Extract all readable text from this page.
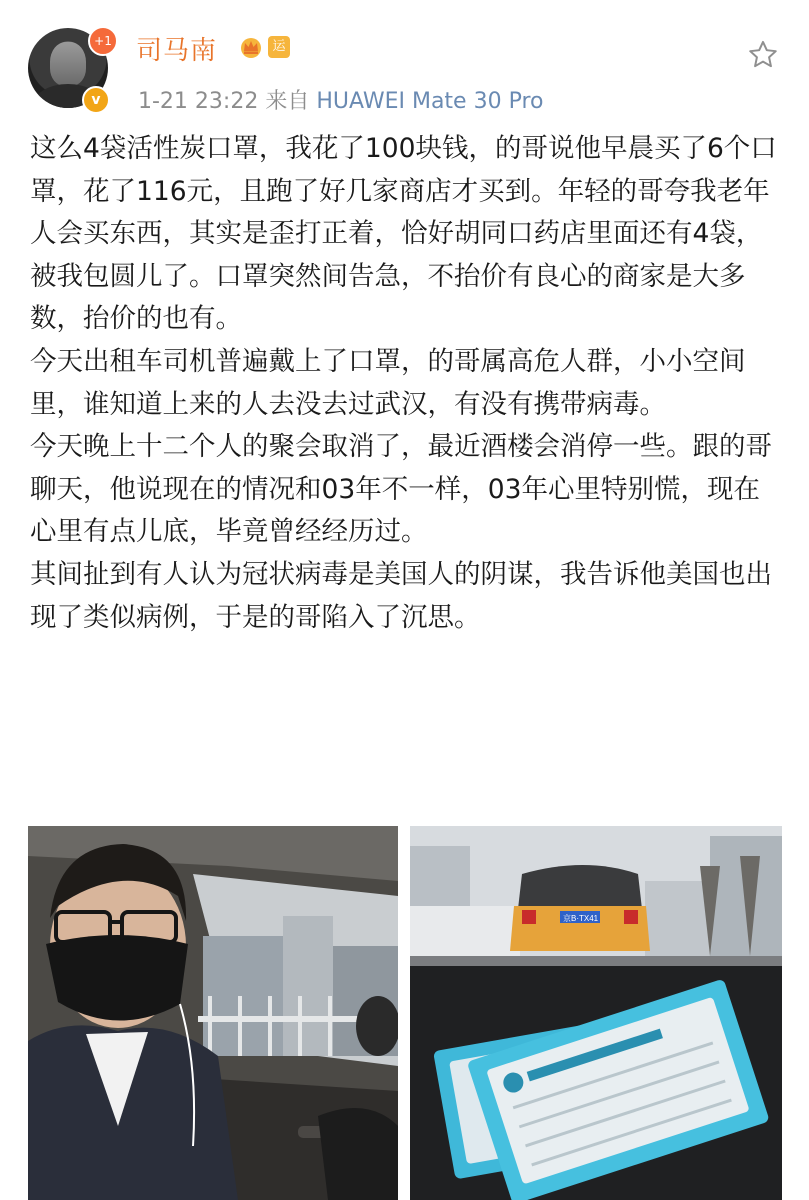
+1
v
司马南	运
1-21 23:22 来自 HUAWEI Mate 30 Pro

这么4袋活性炭口罩，我花了100块钱，的哥说他早晨买了6个口罩，花了116元，且跑了好几家商店才买到。年轻的哥夸我老年人会买东西，其实是歪打正着，恰好胡同口药店里面还有4袋，被我包圆儿了。口罩突然间告急，不抬价有良心的商家是大多数，抬价的也有。

今天出租车司机普遍戴上了口罩，的哥属高危人群，小小空间里，谁知道上来的人去没去过武汉，有没有携带病毒。

今天晚上十二个人的聚会取消了，最近酒楼会消停一些。跟的哥聊天，他说现在的情况和03年不一样，03年心里特别慌，现在心里有点儿底，毕竟曾经经历过。

其间扯到有人认为冠状病毒是美国人的阴谋，我告诉他美国也出现了类似病例，于是的哥陷入了沉思。

京B·TX41
